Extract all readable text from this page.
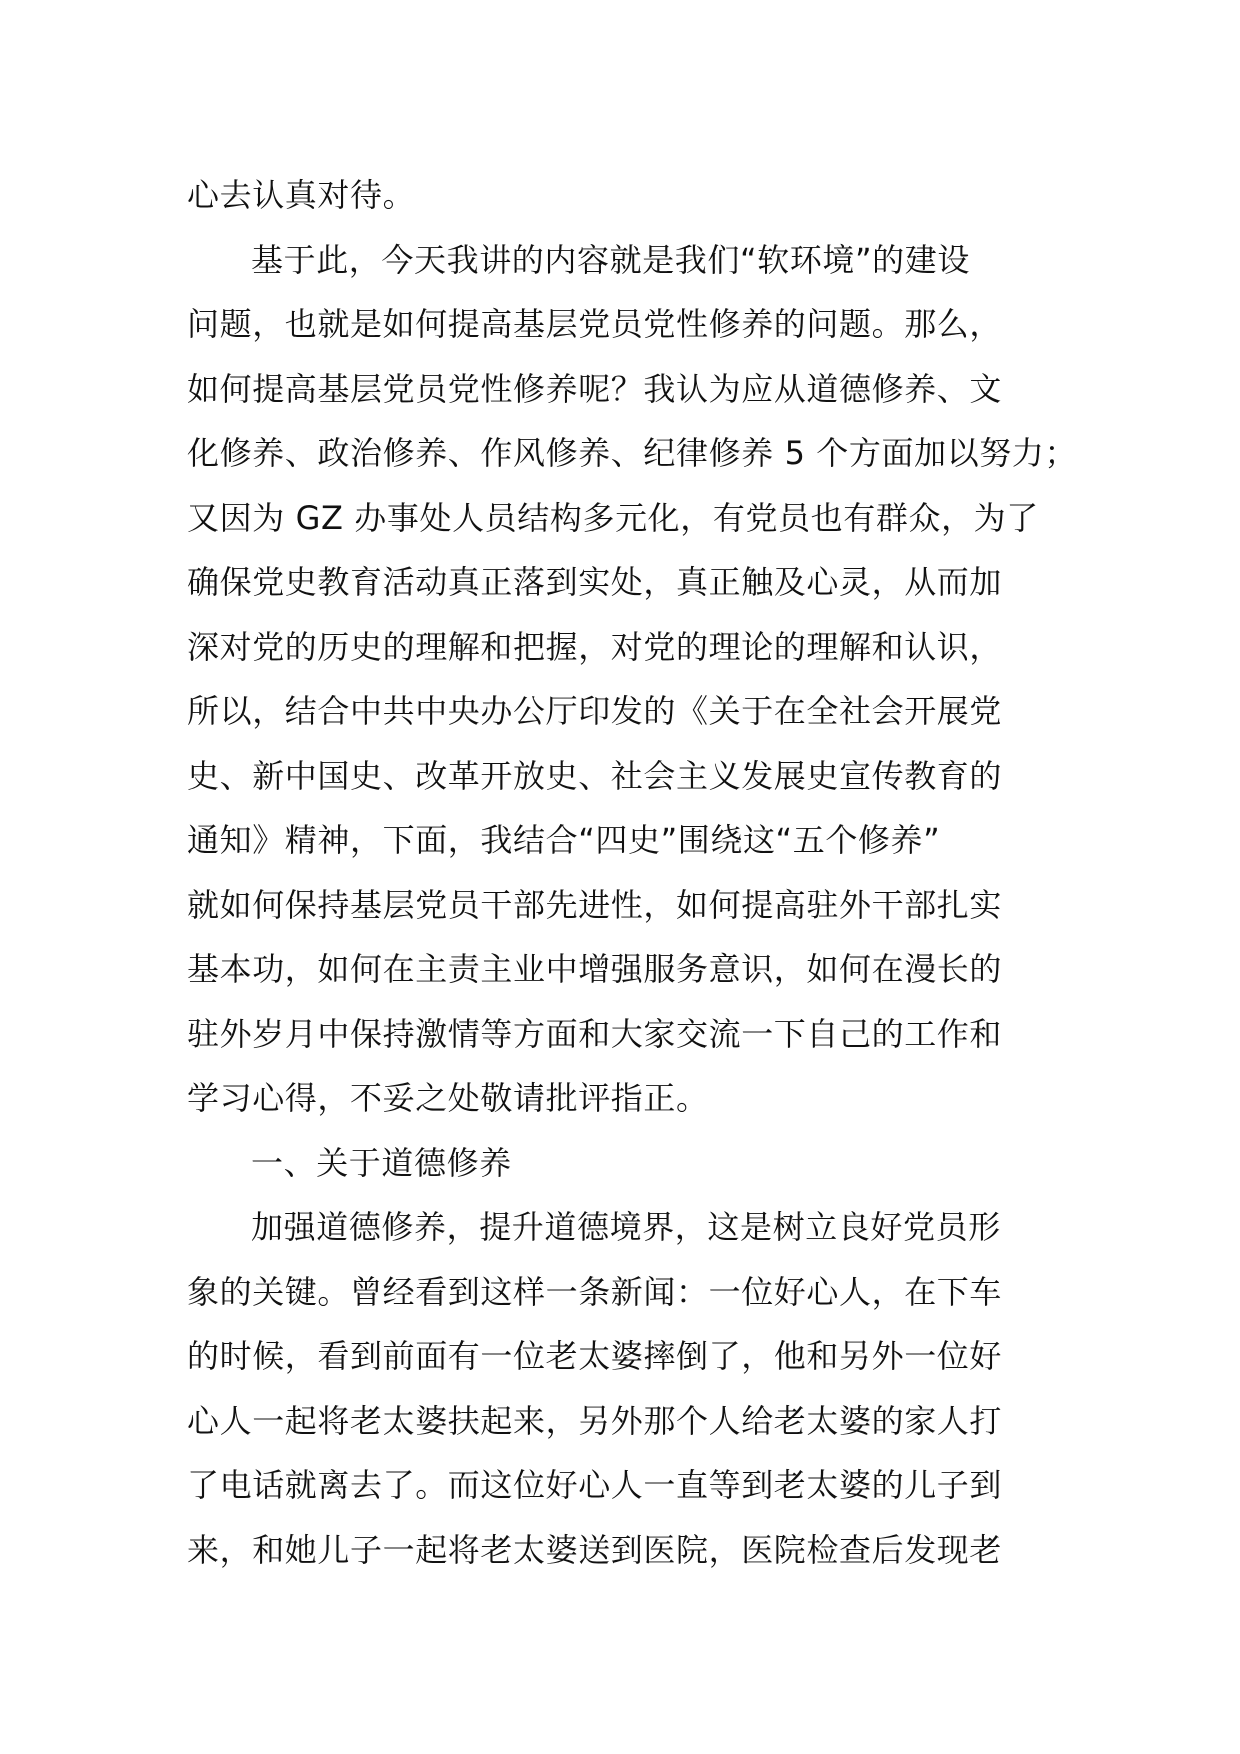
心去认真对待。
基于此，今天我讲的内容就是我们“软环境”的建设
问题，也就是如何提高基层党员党性修养的问题。那么，
如何提高基层党员党性修养呢？我认为应从道德修养、文
化修养、政治修养、作风修养、纪律修养 5 个方面加以努力；
又因为 GZ 办事处人员结构多元化，有党员也有群众，为了
确保党史教育活动真正落到实处，真正触及心灵，从而加
深对党的历史的理解和把握，对党的理论的理解和认识，
所以，结合中共中央办公厅印发的《关于在全社会开展党
史、新中国史、改革开放史、社会主义发展史宣传教育的
通知》精神，下面，我结合“四史”围绕这“五个修养”
就如何保持基层党员干部先进性，如何提高驻外干部扎实
基本功，如何在主责主业中增强服务意识，如何在漫长的
驻外岁月中保持激情等方面和大家交流一下自己的工作和
学习心得，不妥之处敬请批评指正。
一、关于道德修养
加强道德修养，提升道德境界，这是树立良好党员形
象的关键。曾经看到这样一条新闻：一位好心人，在下车
的时候，看到前面有一位老太婆摔倒了，他和另外一位好
心人一起将老太婆扶起来，另外那个人给老太婆的家人打
了电话就离去了。而这位好心人一直等到老太婆的儿子到
来，和她儿子一起将老太婆送到医院，医院检查后发现老
